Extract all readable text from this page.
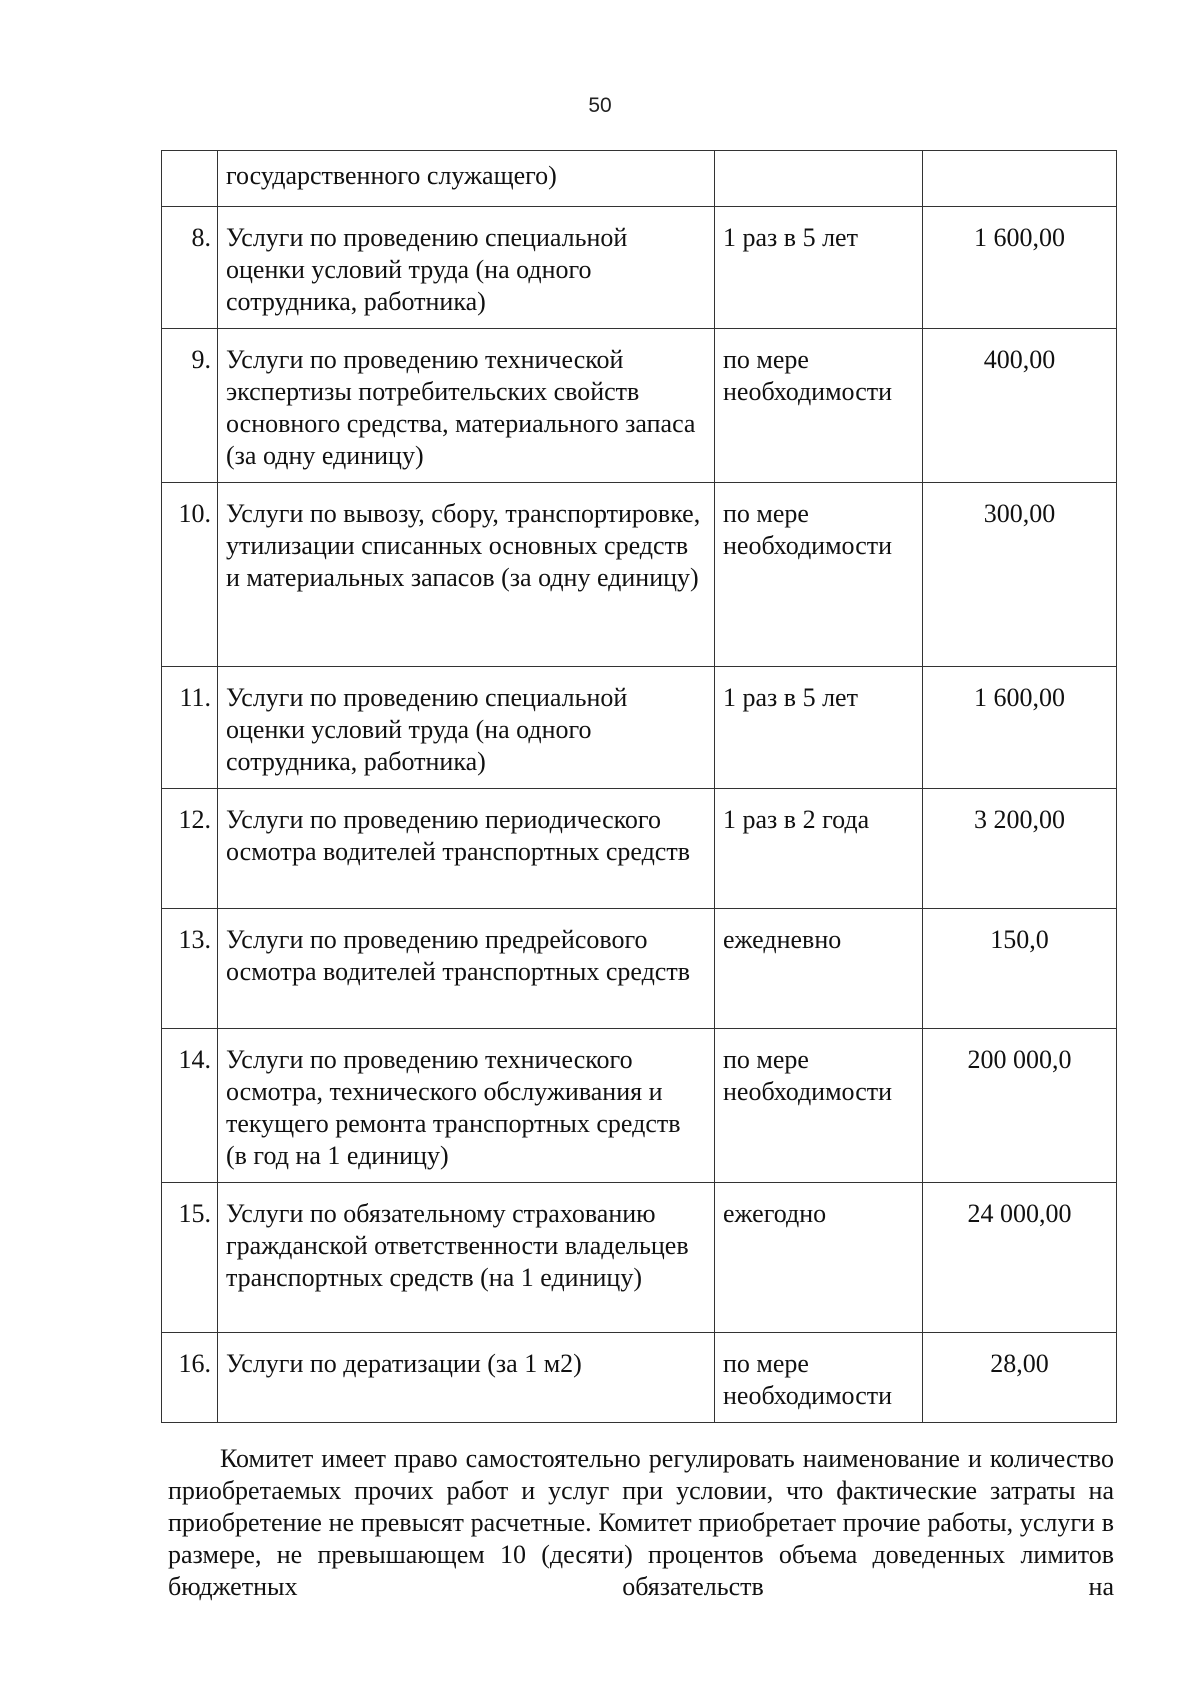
50
	государственного служащего)		
8.	Услуги по проведению специальной оценки условий труда (на одного сотрудника, работника)	1 раз в 5 лет	1 600,00
9.	Услуги по проведению технической экспертизы потребительских свойств основного средства, материального запаса (за одну единицу)	по мере необходимости	400,00
10.	Услуги по вывозу, сбору, транспортировке, утилизации списанных основных средств и материальных запасов (за одну единицу)	по мере необходимости	300,00
11.	Услуги по проведению специальной оценки условий труда (на одного сотрудника, работника)	1 раз в 5 лет	1 600,00
12.	Услуги по проведению периодического осмотра водителей транспортных средств	1 раз в 2 года	3 200,00
13.	Услуги по проведению предрейсового осмотра водителей транспортных средств	ежедневно	150,0
14.	Услуги по проведению технического осмотра, технического обслуживания и текущего ремонта транспортных средств (в год на 1 единицу)	по мере необходимости	200 000,0
15.	Услуги по обязательному страхованию гражданской ответственности владельцев транспортных средств (на 1 единицу)	ежегодно	24 000,00
16.	Услуги по дератизации (за 1 м2)	по мере необходимости	28,00
Комитет имеет право самостоятельно регулировать наименование и количество приобретаемых прочих работ и услуг при условии, что фактические затраты на приобретение не превысят расчетные. Комитет приобретает прочие работы, услуги в размере, не превышающем 10 (десяти) процентов объема доведенных лимитов бюджетных обязательств на
